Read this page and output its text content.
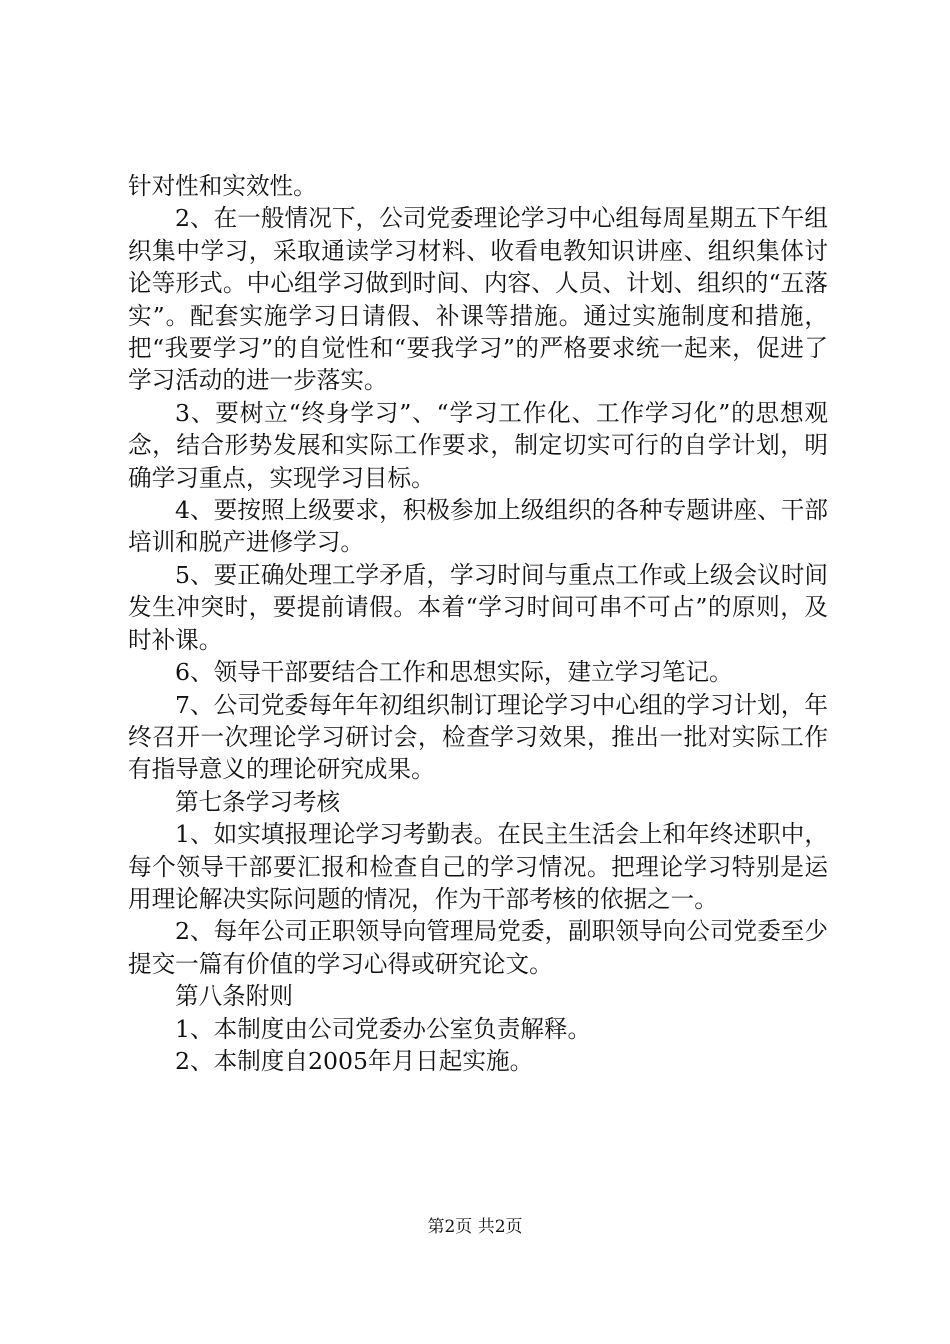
针对性和实效性。

2、在一般情况下，公司党委理论学习中心组每周星期五下午组织集中学习，采取通读学习材料、收看电教知识讲座、组织集体讨论等形式。中心组学习做到时间、内容、人员、计划、组织的“五落实”。配套实施学习日请假、补课等措施。通过实施制度和措施，把“我要学习”的自觉性和“要我学习”的严格要求统一起来，促进了学习活动的进一步落实。

3、要树立“终身学习”、“学习工作化、工作学习化”的思想观念，结合形势发展和实际工作要求，制定切实可行的自学计划，明确学习重点，实现学习目标。

4、要按照上级要求，积极参加上级组织的各种专题讲座、干部培训和脱产进修学习。

5、要正确处理工学矛盾，学习时间与重点工作或上级会议时间发生冲突时，要提前请假。本着“学习时间可串不可占”的原则，及时补课。

6、领导干部要结合工作和思想实际，建立学习笔记。

7、公司党委每年年初组织制订理论学习中心组的学习计划，年终召开一次理论学习研讨会，检查学习效果，推出一批对实际工作有指导意义的理论研究成果。

第七条学习考核

1、如实填报理论学习考勤表。在民主生活会上和年终述职中，每个领导干部要汇报和检查自己的学习情况。把理论学习特别是运用理论解决实际问题的情况，作为干部考核的依据之一。

2、每年公司正职领导向管理局党委，副职领导向公司党委至少提交一篇有价值的学习心得或研究论文。

第八条附则

1、本制度由公司党委办公室负责解释。

2、本制度自2005年月日起实施。

第2页 共2页
